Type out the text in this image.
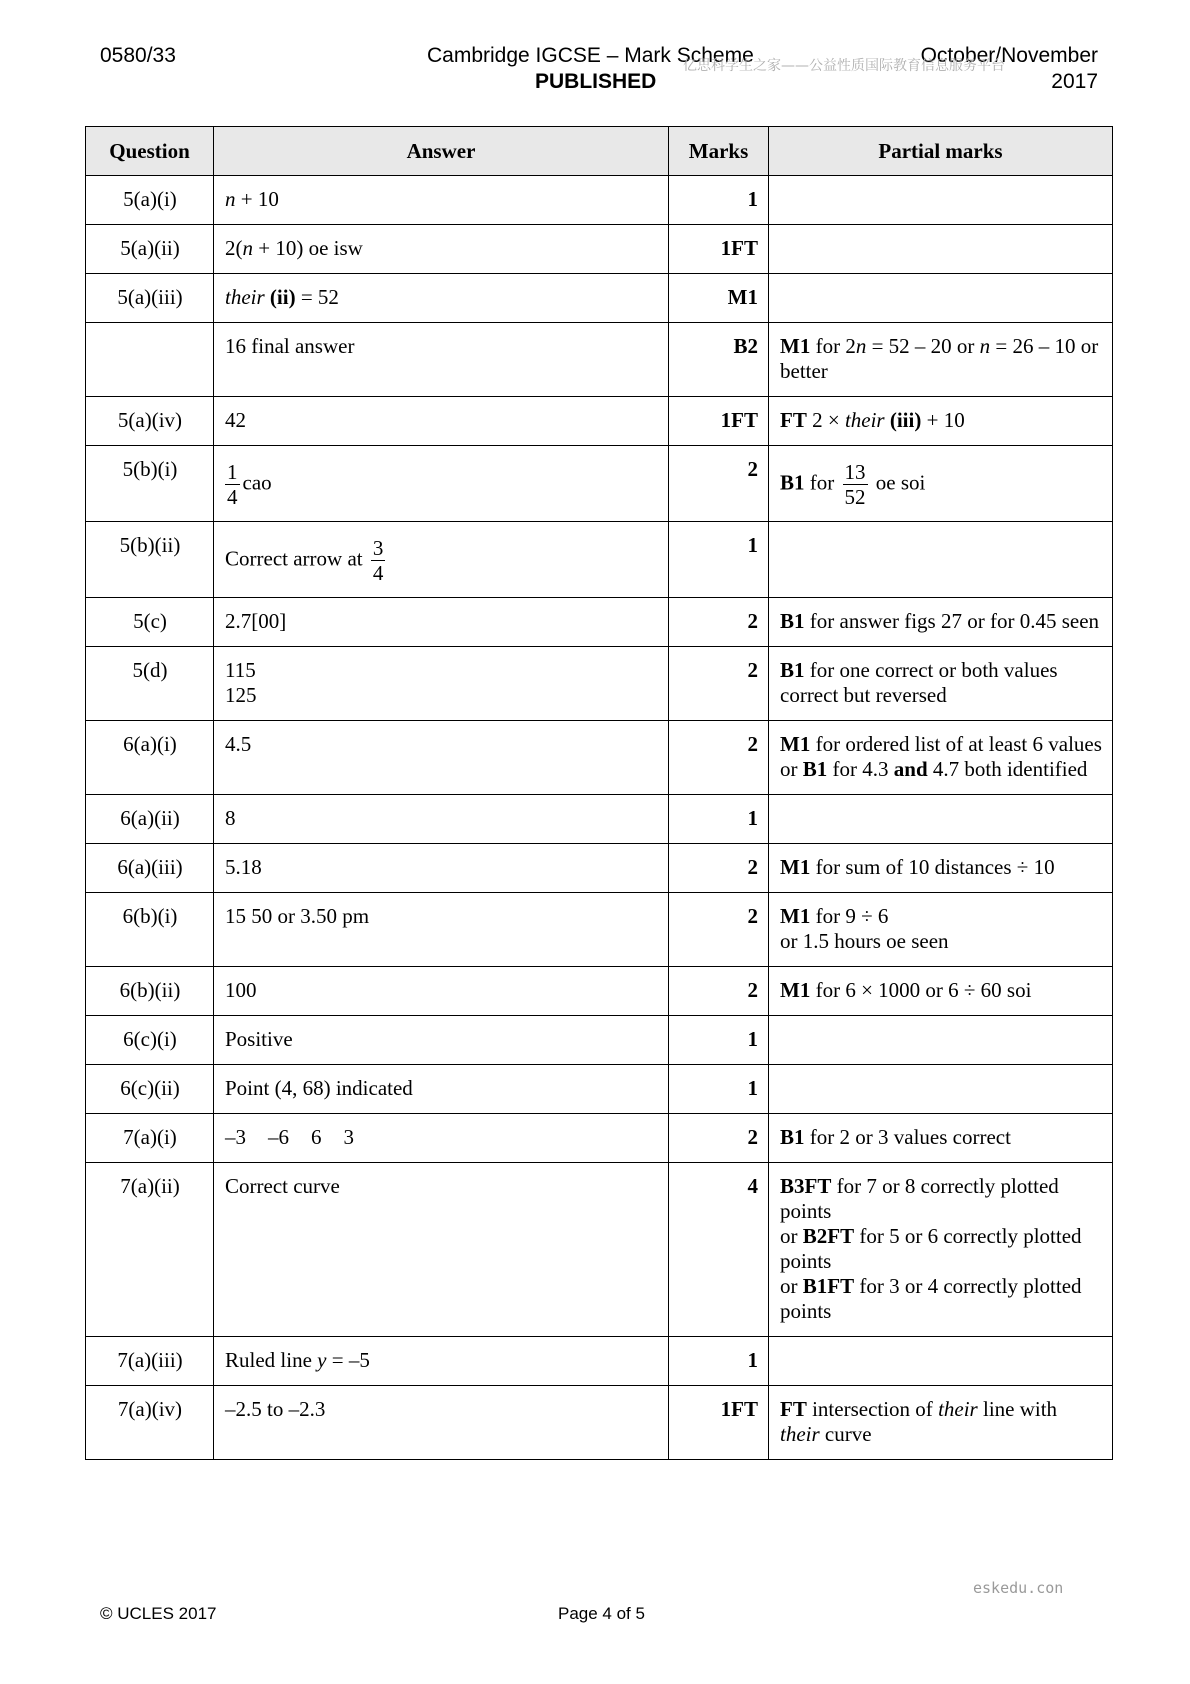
0580/33	Cambridge IGCSE – Mark Scheme
PUBLISHED
October/November
2017
亿思科学生之家——公益性质国际教育信息服务平台
Question	Answer	Marks	Partial marks
5(a)(i)	n + 10	1	
5(a)(ii)	2(n + 10) oe isw	1FT	
5(a)(iii)	their (ii) = 52	M1	
	16 final answer	B2	M1 for 2n = 52 – 20 or n = 26 – 10 or better
5(a)(iv)	42	1FT	FT 2 × their (iii) + 10
5(b)(i)	$\frac{1}{4}$ cao	2	B1 for $\frac{13}{52}$ oe soi
5(b)(ii)	Correct arrow at $\frac{3}{4}$	1	
5(c)	2.7[00]	2	B1 for answer figs 27 or for 0.45 seen
5(d)	115
125	2	B1 for one correct or both values correct but reversed
6(a)(i)	4.5	2	M1 for ordered list of at least 6 values
or B1 for 4.3 and 4.7 both identified

6(a)(ii)	8	1	
6(a)(iii)	5.18	2	M1 for sum of 10 distances ÷ 10
6(b)(i)	15 50 or 3.50 pm	2	M1 for 9 ÷ 6
or 1.5 hours oe seen

6(b)(ii)	100	2	M1 for 6 × 1000 or 6 ÷ 60 soi
6(c)(i)	Positive	1	
6(c)(ii)	Point (4, 68) indicated	1	
7(a)(i)	–3 –6 6 3	2	B1 for 2 or 3 values correct
7(a)(ii)	Correct curve	4	B3FT for 7 or 8 correctly plotted points
or B2FT for 5 or 6 correctly plotted points
or B1FT for 3 or 4 correctly plotted points

7(a)(iii)	Ruled line y = –5	1	
7(a)(iv)	–2.5 to –2.3	1FT	FT intersection of their line with
their curve
eskedu.con
© UCLES 2017	Page 4 of 5
